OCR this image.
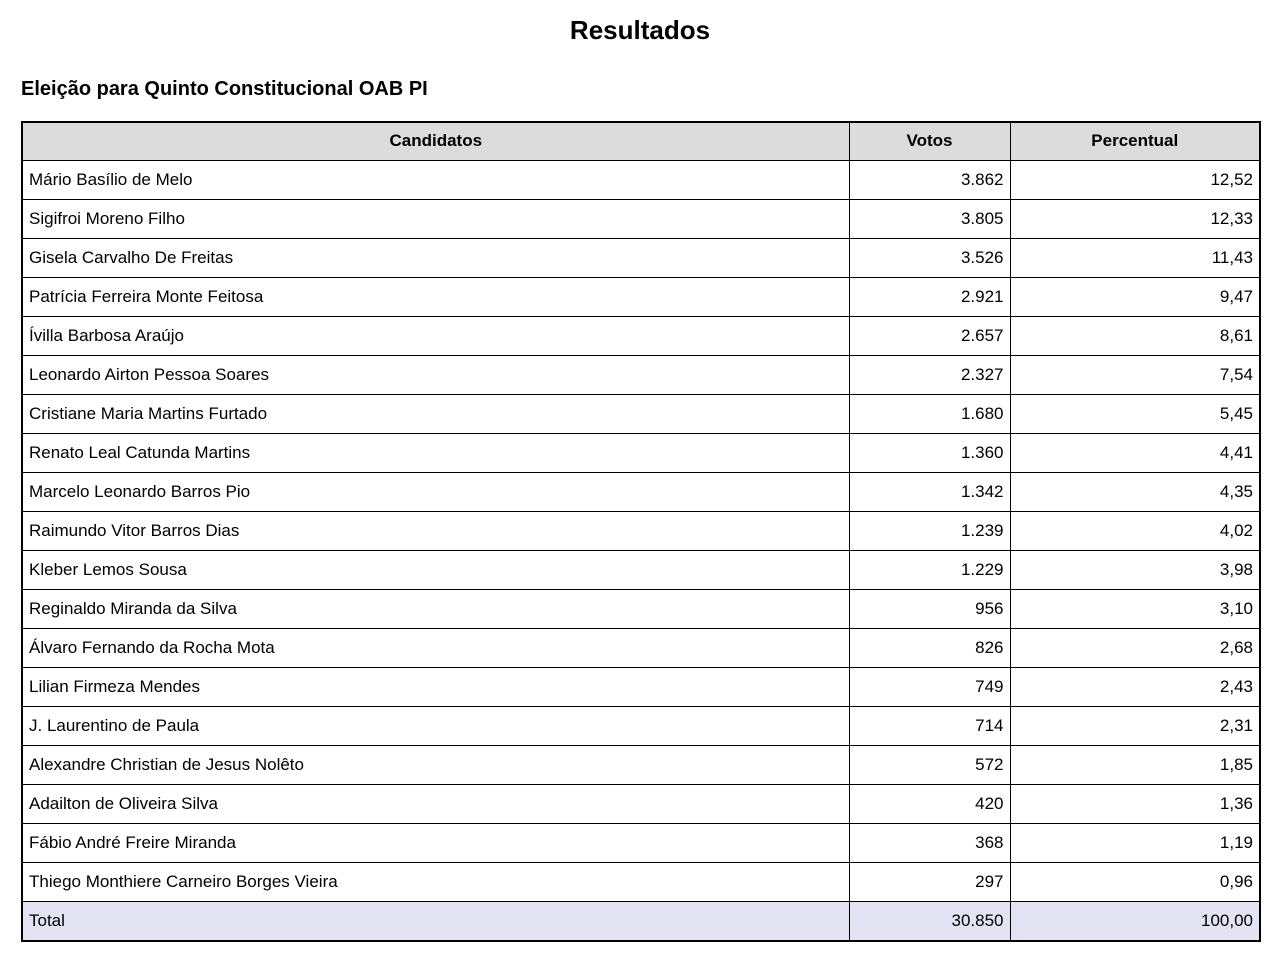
Resultados
Eleição para Quinto Constitucional OAB PI
Candidatos	Votos	Percentual
Mário Basílio de Melo	3.862	12,52
Sigifroi Moreno Filho	3.805	12,33
Gisela Carvalho De Freitas	3.526	11,43
Patrícia Ferreira Monte Feitosa	2.921	9,47
Ívilla Barbosa Araújo	2.657	8,61
Leonardo Airton Pessoa Soares	2.327	7,54
Cristiane Maria Martins Furtado	1.680	5,45
Renato Leal Catunda Martins	1.360	4,41
Marcelo Leonardo Barros Pio	1.342	4,35
Raimundo Vitor Barros Dias	1.239	4,02
Kleber Lemos Sousa	1.229	3,98
Reginaldo Miranda da Silva	956	3,10
Álvaro Fernando da Rocha Mota	826	2,68
Lilian Firmeza Mendes	749	2,43
J. Laurentino de Paula	714	2,31
Alexandre Christian de Jesus Nolêto	572	1,85
Adailton de Oliveira Silva	420	1,36
Fábio André Freire Miranda	368	1,19
Thiego Monthiere Carneiro Borges Vieira	297	0,96
Total	30.850	100,00
